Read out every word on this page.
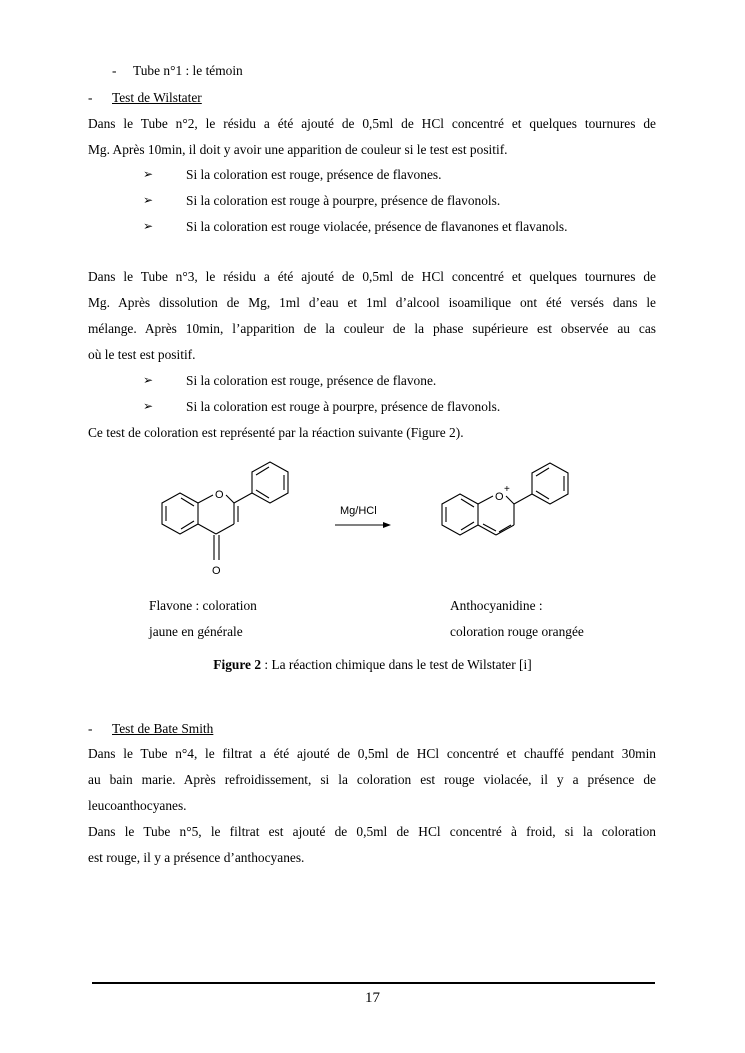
- Tube n°1 : le témoin
- Test de Wilstater
Dans le Tube n°2, le résidu a été ajouté de 0,5ml de HCl concentré et quelques tournures de
Mg. Après 10min, il doit y avoir une apparition de couleur si le test est positif.
➢ Si la coloration est rouge, présence de flavones.
➢ Si la coloration est rouge à pourpre, présence de flavonols.
➢ Si la coloration est rouge violacée, présence de flavanones et flavanols.
Dans le Tube n°3, le résidu a été ajouté de 0,5ml de HCl concentré et quelques tournures de
Mg. Après dissolution de Mg, 1ml d’eau et 1ml d’alcool isoamilique ont été versés dans le
mélange. Après 10min, l’apparition de la couleur de la phase supérieure est observée au cas
où le test est positif.
➢ Si la coloration est rouge, présence de flavone.
➢ Si la coloration est rouge à pourpre, présence de flavonols.
Ce test de coloration est représenté par la réaction suivante (Figure 2).
O
O
Mg/HCl
O
+
Flavone : coloration
jaune en générale
Anthocyanidine :
coloration rouge orangée
Figure 2 : La réaction chimique dans le test de Wilstater [i]
- Test de Bate Smith
Dans le Tube n°4, le filtrat a été ajouté de 0,5ml de HCl concentré et chauffé pendant 30min
au bain marie. Après refroidissement, si la coloration est rouge violacée, il y a présence de
leucoanthocyanes.
Dans le Tube n°5, le filtrat est ajouté de 0,5ml de HCl concentré à froid, si la coloration
est rouge, il y a présence d’anthocyanes.
17
